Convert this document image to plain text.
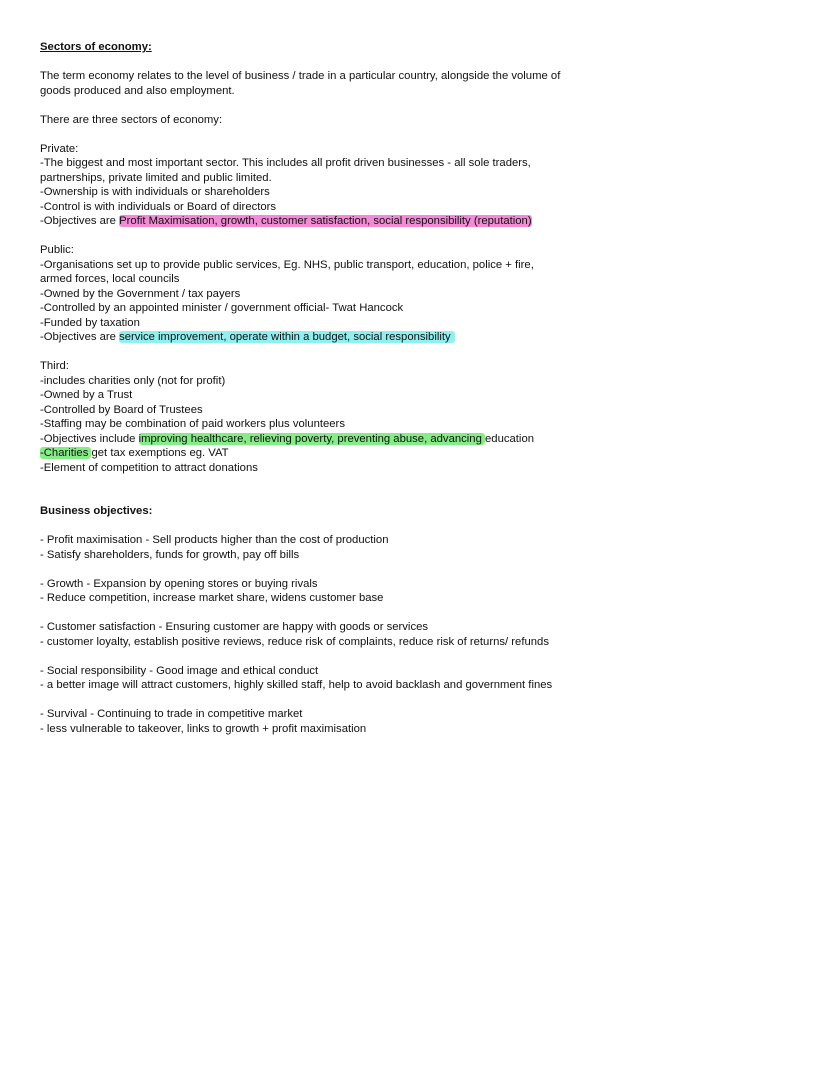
Sectors of economy:

The term economy relates to the level of business / trade in a particular country, alongside the volume of

goods produced and also employment.

There are three sectors of economy:

Private:

-The biggest and most important sector. This includes all profit driven businesses - all sole traders,

partnerships, private limited and public limited.

-Ownership is with individuals or shareholders

-Control is with individuals or Board of directors

-Objectives are Profit Maximisation, growth, customer satisfaction, social responsibility (reputation)

Public:

-Organisations set up to provide public services, Eg. NHS, public transport, education, police + fire,

armed forces, local councils

-Owned by the Government / tax payers

-Controlled by an appointed minister / government official- Twat Hancock

-Funded by taxation

-Objectives are service improvement, operate within a budget, social responsibility

Third:

-includes charities only (not for profit)

-Owned by a Trust

-Controlled by Board of Trustees

-Staffing may be combination of paid workers plus volunteers

-Objectives include improving healthcare, relieving poverty, preventing abuse, advancing education

-Charities get tax exemptions eg. VAT

-Element of competition to attract donations

Business objectives:

- Profit maximisation - Sell products higher than the cost of production

- Satisfy shareholders, funds for growth, pay off bills

- Growth - Expansion by opening stores or buying rivals

- Reduce competition, increase market share, widens customer base

- Customer satisfaction - Ensuring customer are happy with goods or services

- customer loyalty, establish positive reviews, reduce risk of complaints, reduce risk of returns/ refunds

- Social responsibility - Good image and ethical conduct

- a better image will attract customers, highly skilled staff, help to avoid backlash and government fines

- Survival - Continuing to trade in competitive market

- less vulnerable to takeover, links to growth + profit maximisation
